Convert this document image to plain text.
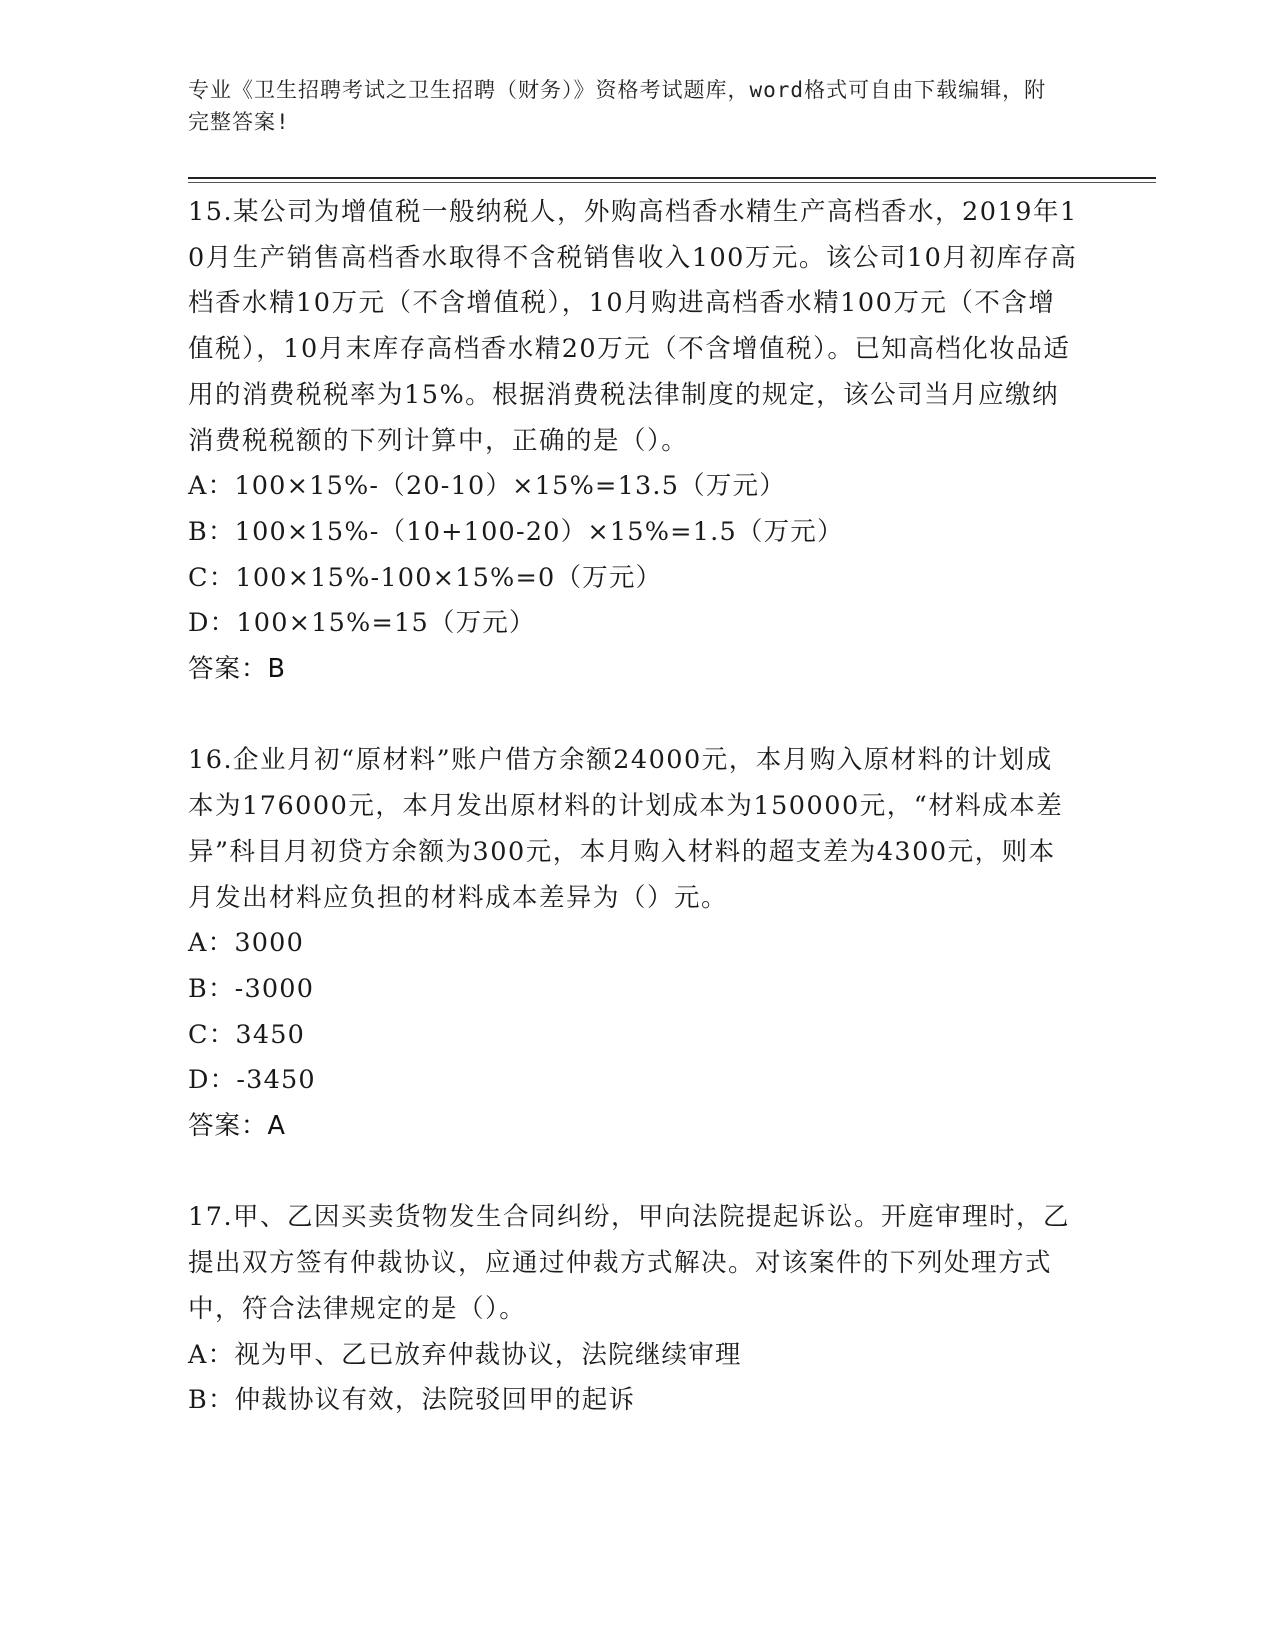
专业《卫生招聘考试之卫生招聘（财务）》资格考试题库，word格式可自由下载编辑，附完整答案!

15.某公司为增值税一般纳税人，外购高档香水精生产高档香水，2019年10月生产销售高档香水取得不含税销售收入100万元。该公司10月初库存高档香水精10万元（不含增值税），10月购进高档香水精100万元（不含增值税），10月末库存高档香水精20万元（不含增值税）。已知高档化妆品适用的消费税税率为15%。根据消费税法律制度的规定，该公司当月应缴纳消费税税额的下列计算中，正确的是（）。

A：100×15%-（20-10）×15%=13.5（万元）

B：100×15%-（10+100-20）×15%=1.5（万元）

C：100×15%-100×15%=0（万元）

D：100×15%=15（万元）

答案：B

16.企业月初“原材料”账户借方余额24000元，本月购入原材料的计划成本为176000元，本月发出原材料的计划成本为150000元，“材料成本差异”科目月初贷方余额为300元，本月购入材料的超支差为4300元，则本月发出材料应负担的材料成本差异为（）元。

A：3000

B：-3000

C：3450

D：-3450

答案：A

17.甲、乙因买卖货物发生合同纠纷，甲向法院提起诉讼。开庭审理时，乙提出双方签有仲裁协议，应通过仲裁方式解决。对该案件的下列处理方式中，符合法律规定的是（）。

A：视为甲、乙已放弃仲裁协议，法院继续审理

B：仲裁协议有效，法院驳回甲的起诉
